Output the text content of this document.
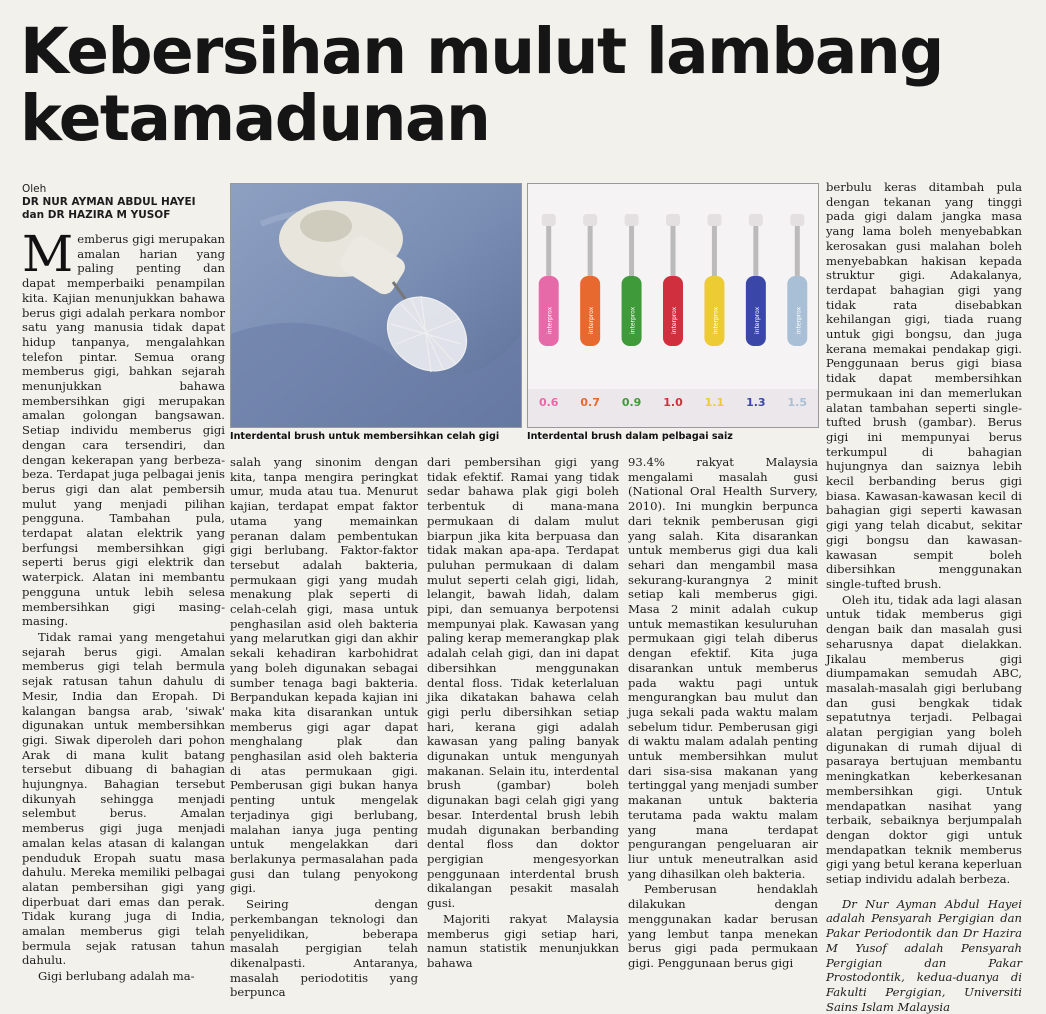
Kebersihan mulut lambang
ketamadunan
Oleh
DR NUR AYMAN ABDUL HAYEI
dan DR HAZIRA M YUSOF

Memberus gigi merupakan amalan harian yang paling penting dan dapat memperbaiki penampilan kita. Kajian menunjukkan bahawa berus gigi adalah perkara nombor satu yang manusia tidak dapat hidup tanpanya, mengalahkan telefon pintar. Semua orang memberus gigi, bahkan sejarah menunjukkan bahawa membersihkan gigi merupakan amalan golongan bangsawan. Setiap individu memberus gigi dengan cara tersendiri, dan dengan kekerapan yang berbeza-beza. Terdapat juga pelbagai jenis berus gigi dan alat pembersih mulut yang menjadi pilihan pengguna. Tambahan pula, terdapat alatan elektrik yang berfungsi membersihkan gigi seperti berus gigi elektrik dan waterpick. Alatan ini membantu pengguna untuk lebih selesa membersihkan gigi masing-masing.

Tidak ramai yang mengetahui sejarah berus gigi. Amalan memberus gigi telah bermula sejak ratusan tahun dahulu di Mesir, India dan Eropah. Di kalangan bangsa arab, 'siwak' digunakan untuk membersihkan gigi. Siwak diperoleh dari pohon Arak di mana kulit batang tersebut dibuang di bahagian hujungnya. Bahagian tersebut dikunyah sehingga menjadi selembut berus. Amalan memberus gigi juga menjadi amalan kelas atasan di kalangan penduduk Eropah suatu masa dahulu. Mereka memiliki pelbagai alatan pembersihan gigi yang diperbuat dari emas dan perak. Tidak kurang juga di India, amalan memberus gigi telah bermula sejak ratusan tahun dahulu.

Gigi berlubang adalah ma-

Interdental brush untuk membersihkan celah gigi
interprox
0.6
interprox
0.7
interprox
0.9
interprox
1.0
interprox
1.1
interprox
1.3
interprox
1.5
Interdental brush dalam pelbagai saiz

salah yang sinonim dengan kita, tanpa mengira peringkat umur, muda atau tua. Menurut kajian, terdapat empat faktor utama yang memainkan peranan dalam pembentukan gigi berlubang. Faktor-faktor tersebut adalah bakteria, permukaan gigi yang mudah menakung plak seperti di celah-celah gigi, masa untuk penghasilan asid oleh bakteria yang melarutkan gigi dan akhir sekali kehadiran karbohidrat yang boleh digunakan sebagai sumber tenaga bagi bakteria. Berpandukan kepada kajian ini maka kita disarankan untuk memberus gigi agar dapat menghalang plak dan penghasilan asid oleh bakteria di atas permukaan gigi. Pemberusan gigi bukan hanya penting untuk mengelak terjadinya gigi berlubang, malahan ianya juga penting untuk mengelakkan dari berlakunya permasalahan pada gusi dan tulang penyokong gigi.

Seiring dengan perkembangan teknologi dan penyelidikan, beberapa masalah pergigian telah dikenalpasti. Antaranya, masalah periodotitis yang berpunca

dari pembersihan gigi yang tidak efektif. Ramai yang tidak sedar bahawa plak gigi boleh terbentuk di mana-mana permukaan di dalam mulut biarpun jika kita berpuasa dan tidak makan apa-apa. Terdapat puluhan permukaan di dalam mulut seperti celah gigi, lidah, lelangit, bawah lidah, dalam pipi, dan semuanya berpotensi mempunyai plak. Kawasan yang paling kerap memerangkap plak adalah celah gigi, dan ini dapat dibersihkan menggunakan dental floss. Tidak keterlaluan jika dikatakan bahawa celah gigi perlu dibersihkan setiap hari, kerana gigi adalah kawasan yang paling banyak digunakan untuk mengunyah makanan. Selain itu, interdental brush (gambar) boleh digunakan bagi celah gigi yang besar. Interdental brush lebih mudah digunakan berbanding dental floss dan doktor pergigian mengesyorkan penggunaan interdental brush dikalangan pesakit masalah gusi.

Majoriti rakyat Malaysia memberus gigi setiap hari, namun statistik menunjukkan bahawa

93.4% rakyat Malaysia mengalami masalah gusi (National Oral Health Survery, 2010). Ini mungkin berpunca dari teknik pemberusan gigi yang salah. Kita disarankan untuk memberus gigi dua kali sehari dan mengambil masa sekurang-kurangnya 2 minit setiap kali memberus gigi. Masa 2 minit adalah cukup untuk memastikan kesuluruhan permukaan gigi telah diberus dengan efektif. Kita juga disarankan untuk memberus pada waktu pagi untuk mengurangkan bau mulut dan juga sekali pada waktu malam sebelum tidur. Pemberusan gigi di waktu malam adalah penting untuk membersihkan mulut dari sisa-sisa makanan yang tertinggal yang menjadi sumber makanan untuk bakteria terutama pada waktu malam yang mana terdapat pengurangan pengeluaran air liur untuk meneutralkan asid yang dihasilkan oleh bakteria.

Pemberusan hendaklah dilakukan dengan menggunakan kadar berusan yang lembut tanpa menekan berus gigi pada permukaan gigi. Penggunaan berus gigi

berbulu keras ditambah pula dengan tekanan yang tinggi pada gigi dalam jangka masa yang lama boleh menyebabkan kerosakan gusi malahan boleh menyebabkan hakisan kepada struktur gigi. Adakalanya, terdapat bahagian gigi yang tidak rata disebabkan kehilangan gigi, tiada ruang untuk gigi bongsu, dan juga kerana memakai pendakap gigi. Penggunaan berus gigi biasa tidak dapat membersihkan permukaan ini dan memerlukan alatan tambahan seperti single-tufted brush (gambar). Berus gigi ini mempunyai berus terkumpul di bahagian hujungnya dan saiznya lebih kecil berbanding berus gigi biasa. Kawasan-kawasan kecil di bahagian gigi seperti kawasan gigi yang telah dicabut, sekitar gigi bongsu dan kawasan-kawasan sempit boleh dibersihkan menggunakan single-tufted brush.

Oleh itu, tidak ada lagi alasan untuk tidak memberus gigi dengan baik dan masalah gusi seharusnya dapat dielakkan. Jikalau memberus gigi diumpamakan semudah ABC, masalah-masalah gigi berlubang dan gusi bengkak tidak sepatutnya terjadi. Pelbagai alatan pergigian yang boleh digunakan di rumah dijual di pasaraya bertujuan membantu meningkatkan keberkesanan membersihkan gigi. Untuk mendapatkan nasihat yang terbaik, sebaiknya berjumpalah dengan doktor gigi untuk mendapatkan teknik memberus gigi yang betul kerana keperluan setiap individu adalah berbeza.

Dr Nur Ayman Abdul Hayei adalah Pensyarah Pergigian dan Pakar Periodontik dan Dr Hazira M Yusof adalah Pensyarah Pergigian dan Pakar Prostodontik, kedua-duanya di Fakulti Pergigian, Universiti Sains Islam Malaysia
